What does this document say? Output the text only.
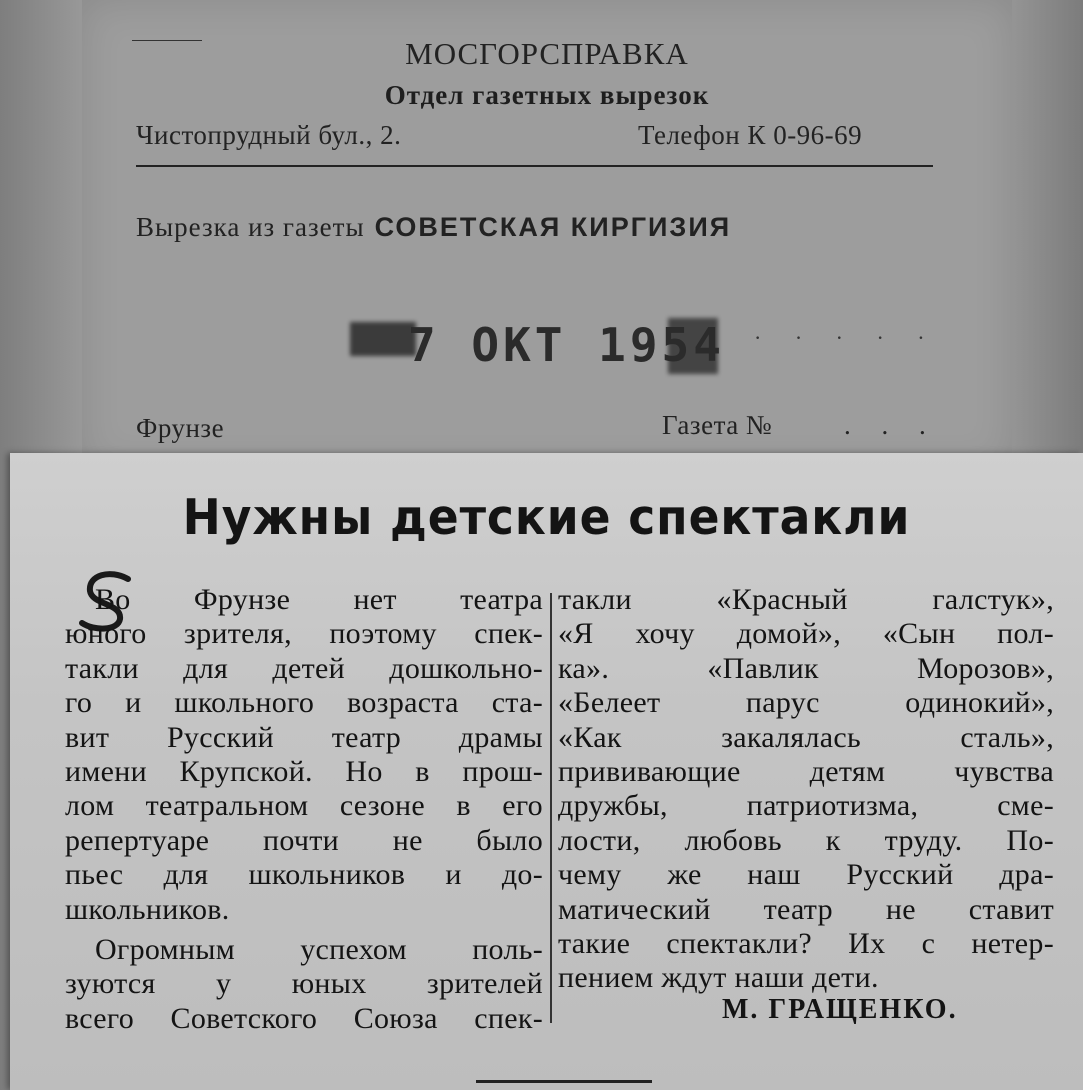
МОСГОРСПРАВКА
Отдел газетных вырезок
Чистопрудный бул., 2.	Телефон К 0-96-69
Вырезка из газеты СОВЕТСКАЯ КИРГИЗИЯ
7 ОКТ 1954 · · · · ·
Фрунзе	Газета №	. . .
Нужны детские спектакли
Во Фрунзе нет театра
юного зрителя, поэтому спек-
такли для детей дошкольно-
го и школьного возраста ста-
вит Русский театр драмы
имени Крупской. Но в прош-
лом театральном сезоне в его
репертуаре почти не было
пьес для школьников и до-
школьников.
Огромным успехом поль-
зуются у юных зрителей
всего Советского Союза спек-
такли «Красный галстук»,
«Я хочу домой», «Сын пол-
ка». «Павлик Морозов»,
«Белеет парус одинокий»,
«Как закалялась сталь»,
прививающие детям чувства
дружбы, патриотизма, сме-
лости, любовь к труду. По-
чему же наш Русский дра-
матический театр не ставит
такие спектакли? Их с нетер-
пением ждут наши дети.
М. ГРАЩЕНКО.
